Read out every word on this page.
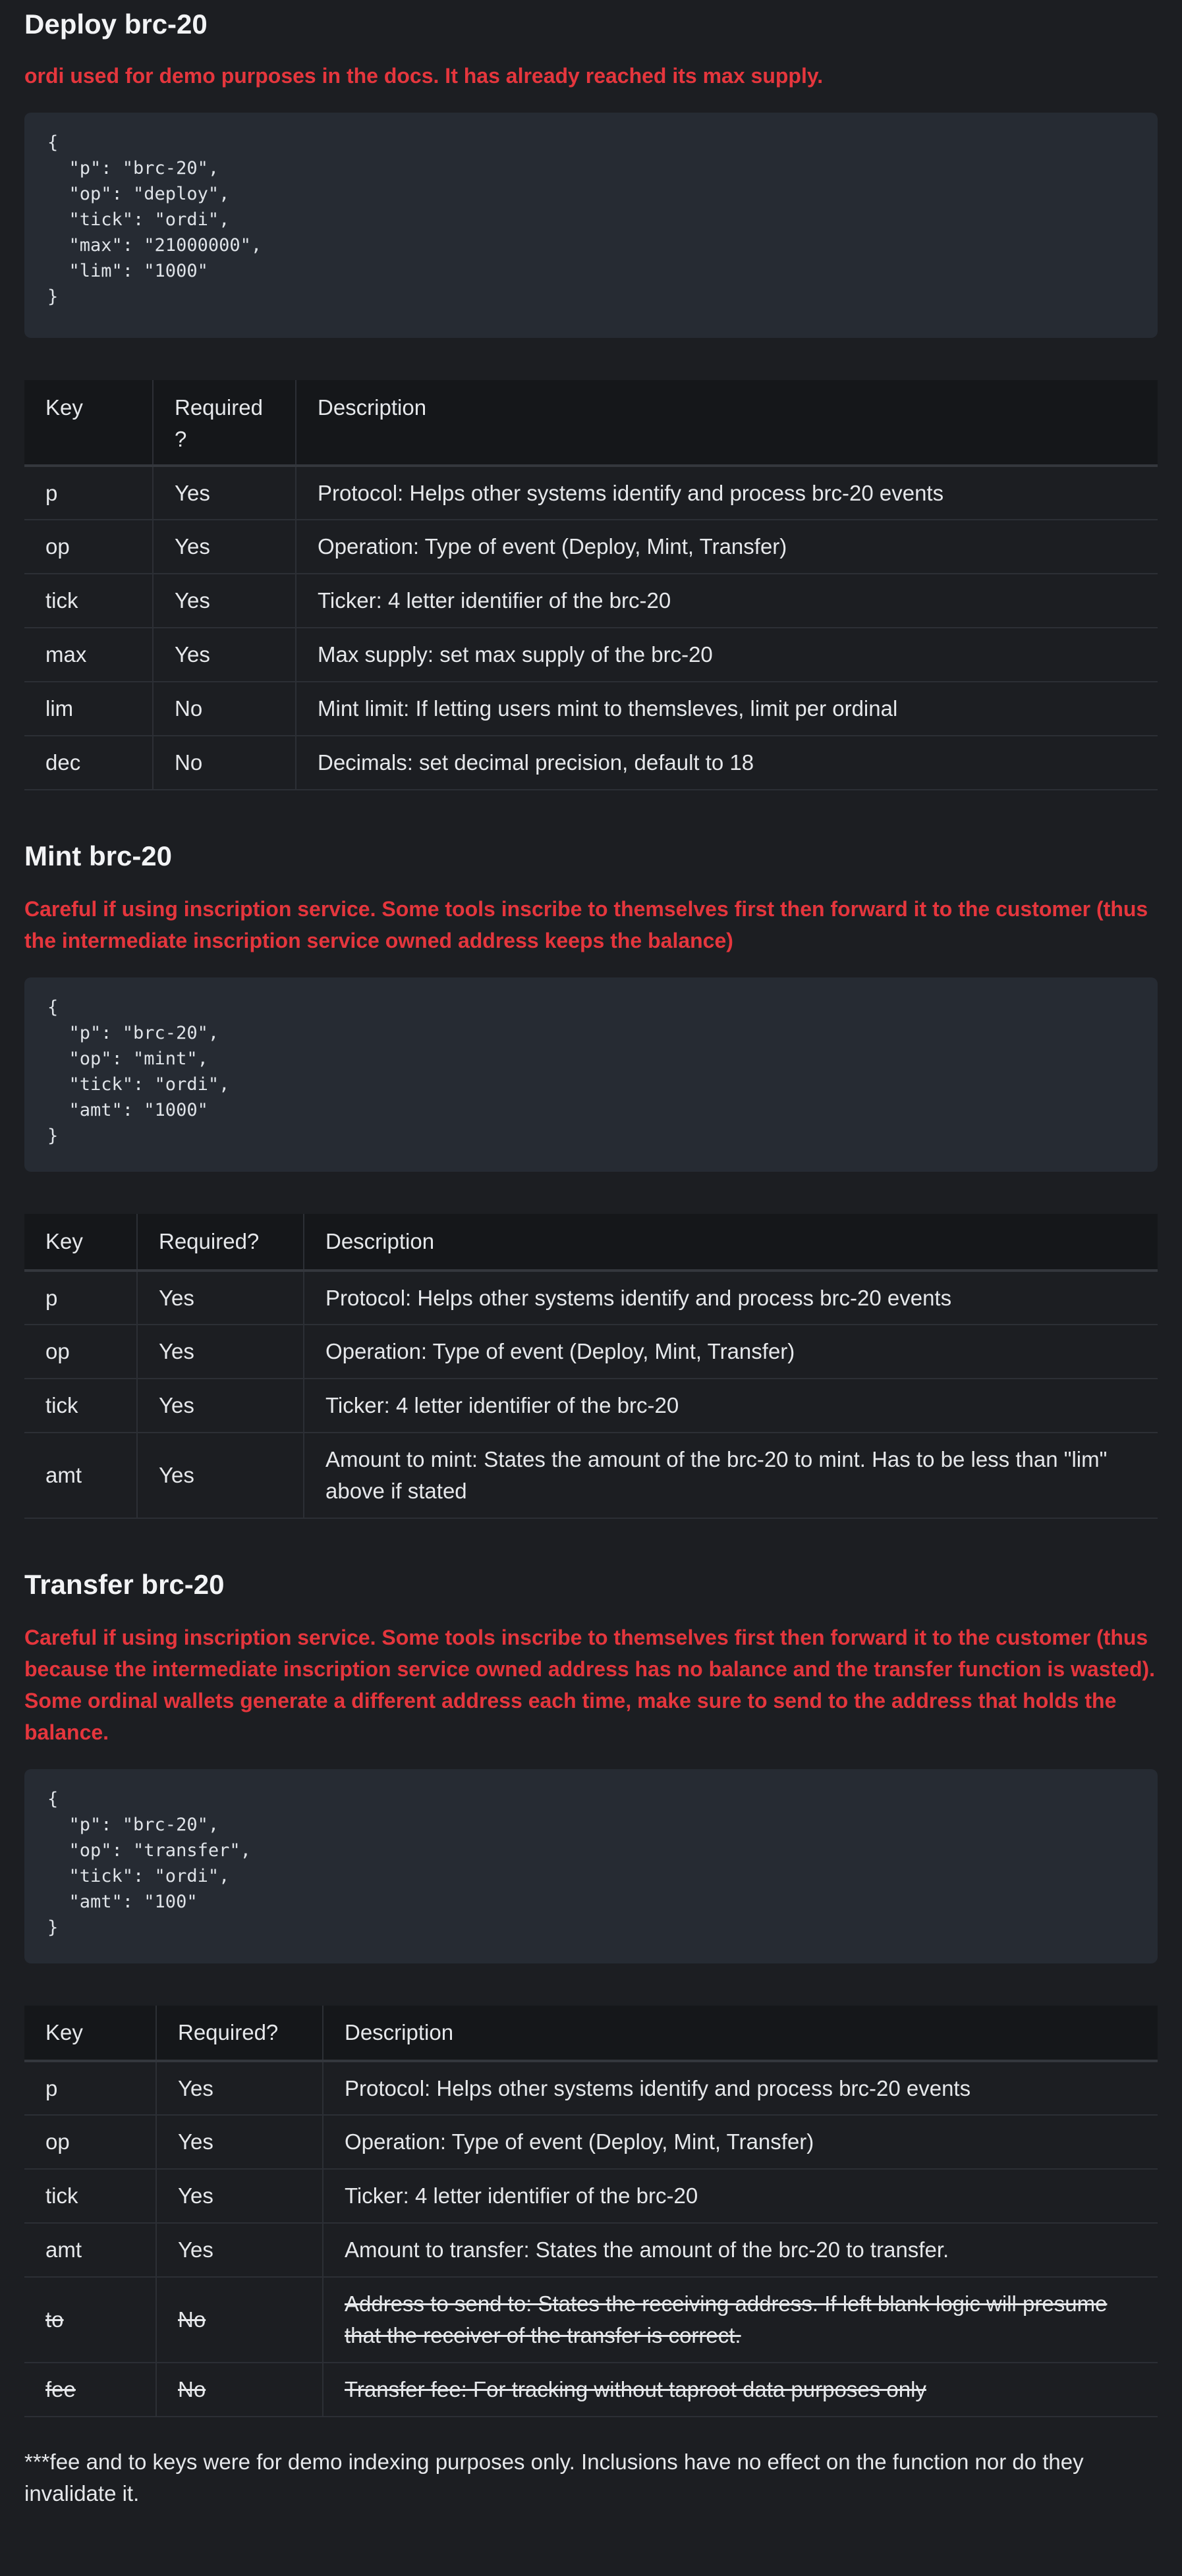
Deploy brc-20

ordi used for demo purposes in the docs. It has already reached its max supply.

{
"p": "brc-20",
"op": "deploy",
"tick": "ordi",
"max": "21000000",
"lim": "1000"
}
Key	Required ?	Description
p	Yes	Protocol: Helps other systems identify and process brc-20 events
op	Yes	Operation: Type of event (Deploy, Mint, Transfer)
tick	Yes	Ticker: 4 letter identifier of the brc-20
max	Yes	Max supply: set max supply of the brc-20
lim	No	Mint limit: If letting users mint to themsleves, limit per ordinal
dec	No	Decimals: set decimal precision, default to 18
Mint brc-20

Careful if using inscription service. Some tools inscribe to themselves first then forward it to the customer (thus the intermediate inscription service owned address keeps the balance)

{
"p": "brc-20",
"op": "mint",
"tick": "ordi",
"amt": "1000"
}
Key	Required?	Description
p	Yes	Protocol: Helps other systems identify and process brc-20 events
op	Yes	Operation: Type of event (Deploy, Mint, Transfer)
tick	Yes	Ticker: 4 letter identifier of the brc-20
amt	Yes	Amount to mint: States the amount of the brc-20 to mint. Has to be less than "lim" above if stated
Transfer brc-20

Careful if using inscription service. Some tools inscribe to themselves first then forward it to the customer (thus because the intermediate inscription service owned address has no balance and the transfer function is wasted). Some ordinal wallets generate a different address each time, make sure to send to the address that holds the balance.

{
"p": "brc-20",
"op": "transfer",
"tick": "ordi",
"amt": "100"
}
Key	Required?	Description
p	Yes	Protocol: Helps other systems identify and process brc-20 events
op	Yes	Operation: Type of event (Deploy, Mint, Transfer)
tick	Yes	Ticker: 4 letter identifier of the brc-20
amt	Yes	Amount to transfer: States the amount of the brc-20 to transfer.
to	No	Address to send to: States the receiving address. If left blank logic will presume that the receiver of the transfer is correct.
fee	No	Transfer fee: For tracking without taproot data purposes only

***fee and to keys were for demo indexing purposes only. Inclusions have no effect on the function nor do they invalidate it.
